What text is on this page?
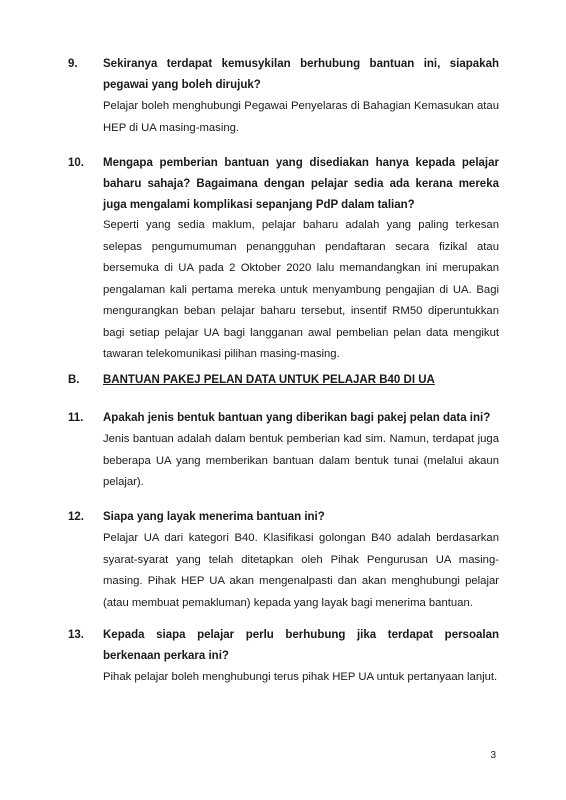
9. Sekiranya terdapat kemusykilan berhubung bantuan ini, siapakah pegawai yang boleh dirujuk?
Pelajar boleh menghubungi Pegawai Penyelaras di Bahagian Kemasukan atau HEP di UA masing-masing.
10. Mengapa pemberian bantuan yang disediakan hanya kepada pelajar baharu sahaja? Bagaimana dengan pelajar sedia ada kerana mereka juga mengalami komplikasi sepanjang PdP dalam talian?
Seperti yang sedia maklum, pelajar baharu adalah yang paling terkesan selepas pengumumuman penangguhan pendaftaran secara fizikal atau bersemuka di UA pada 2 Oktober 2020 lalu memandangkan ini merupakan pengalaman kali pertama mereka untuk menyambung pengajian di UA. Bagi mengurangkan beban pelajar baharu tersebut, insentif RM50 diperuntukkan bagi setiap pelajar UA bagi langganan awal pembelian pelan data mengikut tawaran telekomunikasi pilihan masing-masing.
B. BANTUAN PAKEJ PELAN DATA UNTUK PELAJAR B40 DI UA
11. Apakah jenis bentuk bantuan yang diberikan bagi pakej pelan data ini?
Jenis bantuan adalah dalam bentuk pemberian kad sim. Namun, terdapat juga beberapa UA yang memberikan bantuan dalam bentuk tunai (melalui akaun pelajar).
12. Siapa yang layak menerima bantuan ini?
Pelajar UA dari kategori B40. Klasifikasi golongan B40 adalah berdasarkan syarat-syarat yang telah ditetapkan oleh Pihak Pengurusan UA masing-masing. Pihak HEP UA akan mengenalpasti dan akan menghubungi pelajar (atau membuat pemakluman) kepada yang layak bagi menerima bantuan.
13. Kepada siapa pelajar perlu berhubung jika terdapat persoalan berkenaan perkara ini?
Pihak pelajar boleh menghubungi terus pihak HEP UA untuk pertanyaan lanjut.
3
